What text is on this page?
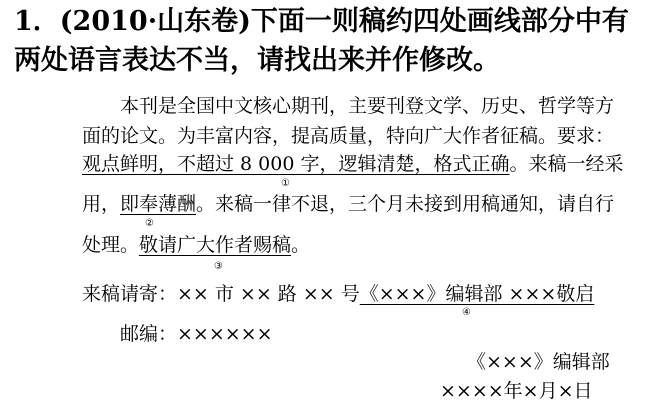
1．(2010·山东卷)下面一则稿约四处画线部分中有
两处语言表达不当，请找出来并作修改。
本刊是全国中文核心期刊，主要刊登文学、历史、哲学等方
面的论文。为丰富内容，提高质量，特向广大作者征稿。要求：
观点鲜明，不超过 8 000 字，逻辑清楚，格式正确。来稿一经采
①
用，即奉薄酬。来稿一律不退，三个月未接到用稿通知，请自行
②
处理。敬请广大作者赐稿。
③
来稿请寄：×× 市 ×× 路 ×× 号《×××》编辑部 ×××敬启
④
邮编：××××××
《×××》编辑部
××××年×月×日
